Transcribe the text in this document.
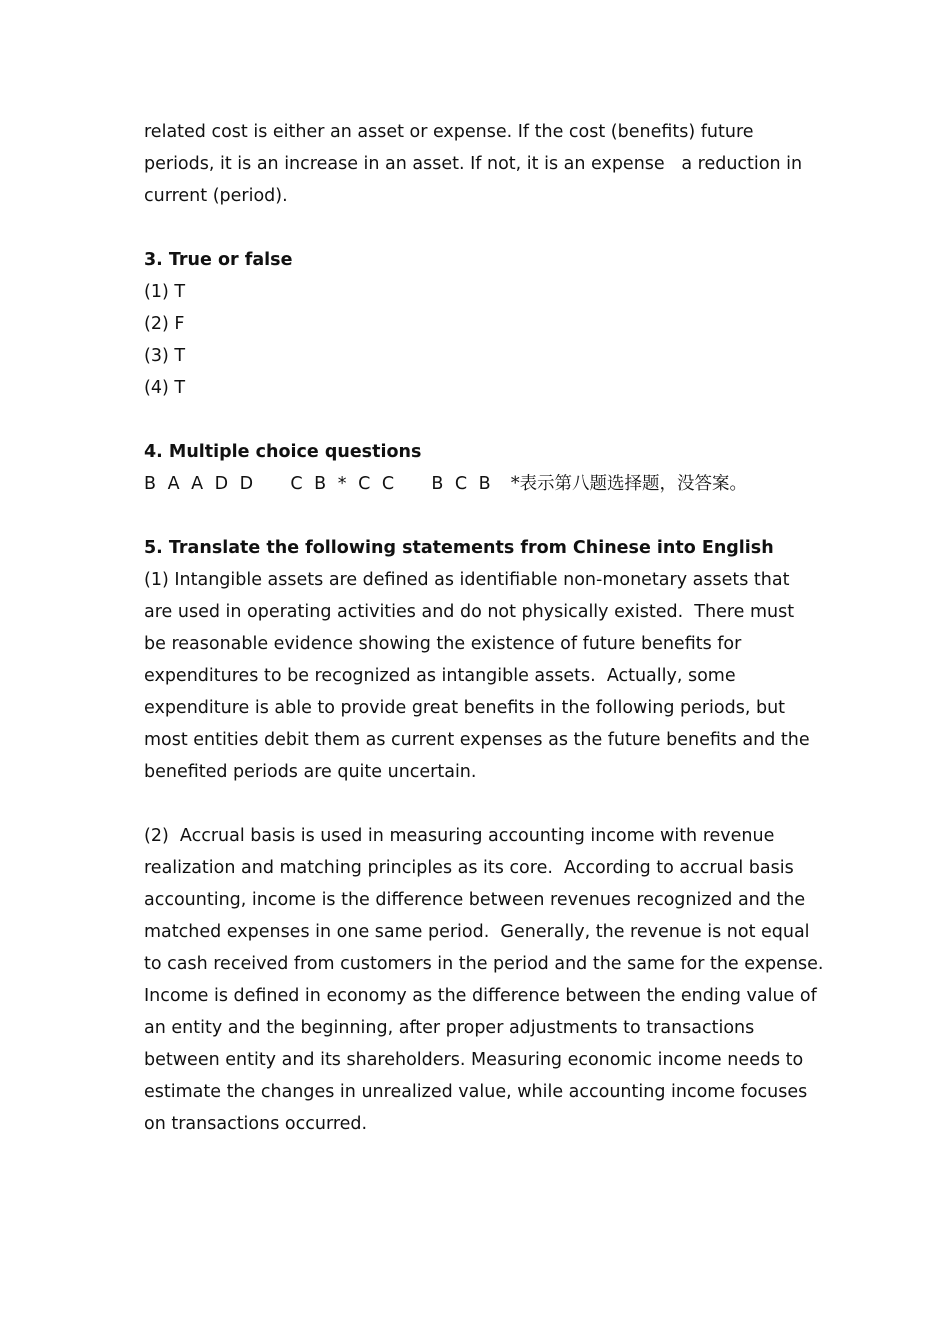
related cost is either an asset or expense. If the cost (benefits) future
periods, it is an increase in an asset. If not, it is an expense   a reduction in
current (period).
3. True or false
(1) T
(2) F
(3) T
(4) T
4. Multiple choice questions
B A A D D    C B * C C    B C B  *表示第八题选择题，没答案。
5. Translate the following statements from Chinese into English
(1) Intangible assets are defined as identifiable non-monetary assets that
are used in operating activities and do not physically existed.  There must
be reasonable evidence showing the existence of future benefits for
expenditures to be recognized as intangible assets.  Actually, some
expenditure is able to provide great benefits in the following periods, but
most entities debit them as current expenses as the future benefits and the
benefited periods are quite uncertain.
(2)  Accrual basis is used in measuring accounting income with revenue
realization and matching principles as its core.  According to accrual basis
accounting, income is the difference between revenues recognized and the
matched expenses in one same period.  Generally, the revenue is not equal
to cash received from customers in the period and the same for the expense.
Income is defined in economy as the difference between the ending value of
an entity and the beginning, after proper adjustments to transactions
between entity and its shareholders. Measuring economic income needs to
estimate the changes in unrealized value, while accounting income focuses
on transactions occurred.
